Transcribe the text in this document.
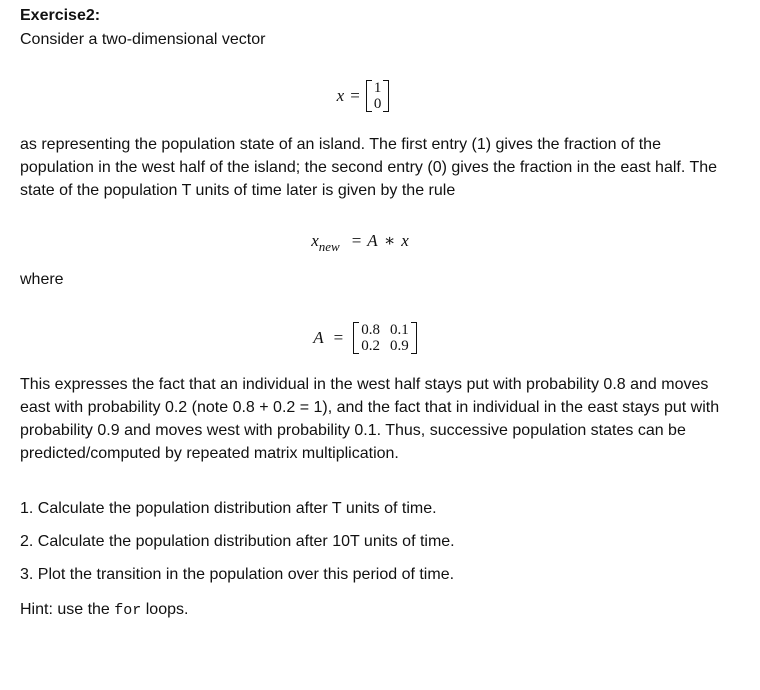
Exercise2:

Consider a two-dimensional vector

x = 1
0

as representing the population state of an island. The first entry (1) gives the fraction of the population in the west half of the island; the second entry (0) gives the fraction in the east half. The state of the population T units of time later is given by the rule

$x_{new} = A$ ∗ x

where

A = 0.8
0.2
0.1
0.9

This expresses the fact that an individual in the west half stays put with probability 0.8 and moves east with probability 0.2 (note 0.8 + 0.2 = 1), and the fact that in individual in the east stays put with probability 0.9 and moves west with probability 0.1. Thus, successive population states can be predicted/computed by repeated matrix multiplication.

1. Calculate the population distribution after T units of time.

2. Calculate the population distribution after 10T units of time.

3. Plot the transition in the population over this period of time.

Hint: use the for loops.
